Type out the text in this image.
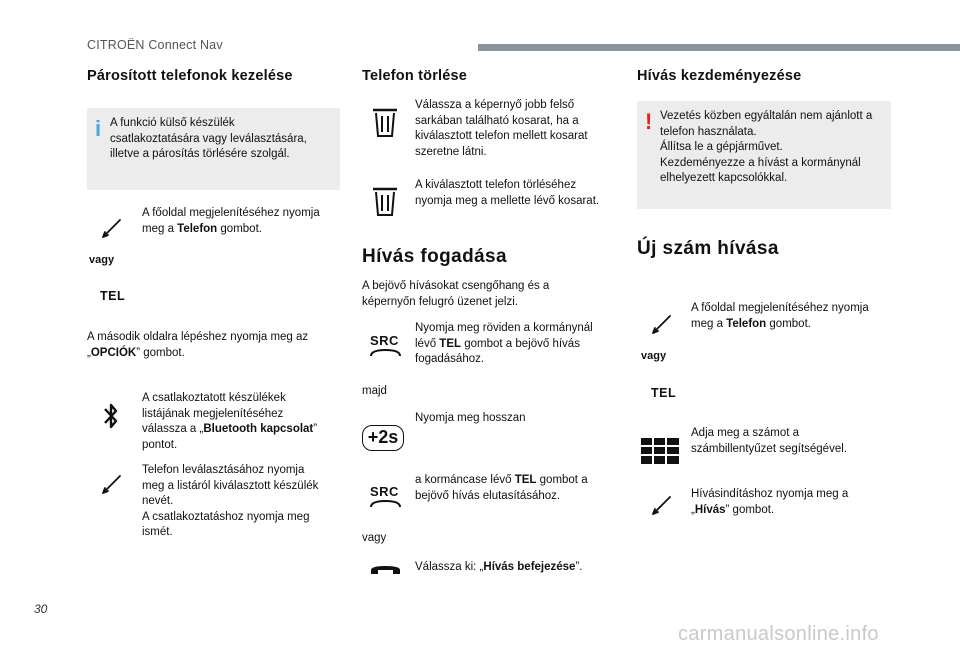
CITROËN Connect Nav
Párosított telefonok kezelése
i A funkció külső készülék
csatlakoztatására vagy leválasztására,
illetve a párosítás törlésére szolgál.
A főoldal megjelenítéséhez nyomja
meg a Telefon gombot.
vagy
TEL
A második oldalra lépéshez nyomja meg az
„OPCIÓK” gombot.
A csatlakoztatott készülékek
listájának megjelenítéséhez
válassza a „Bluetooth kapcsolat”
pontot.
Telefon leválasztásához nyomja
meg a listáról kiválasztott készülék
nevét.
A csatlakoztatáshoz nyomja meg
ismét.
Telefon törlése
Válassza a képernyő jobb felső
sarkában található kosarat, ha a
kiválasztott telefon mellett kosarat
szeretne látni.
A kiválasztott telefon törléséhez
nyomja meg a mellette lévő kosarat.
Hívás fogadása
A bejövő hívásokat csengőhang és a
képernyőn felugró üzenet jelzi.
SRC
Nyomja meg röviden a kormánynál
lévő TEL gombot a bejövő hívás
fogadásához.
majd
+2s
Nyomja meg hosszan
SRC
a kormáncase lévő TEL gombot a
bejövő hívás elutasításához.
vagy
Válassza ki: „Hívás befejezése”.
Hívás kezdeményezése
! Vezetés közben egyáltalán nem ajánlott a
telefon használata.
Állítsa le a gépjárművet.
Kezdeményezze a hívást a kormánynál
elhelyezett kapcsolókkal.
Új szám hívása
A főoldal megjelenítéséhez nyomja
meg a Telefon gombot.
vagy
TEL
Adja meg a számot a
számbillentyűzet segítségével.
Hívásindításhoz nyomja meg a
„Hívás” gombot.
30
carmanualsonline.info
